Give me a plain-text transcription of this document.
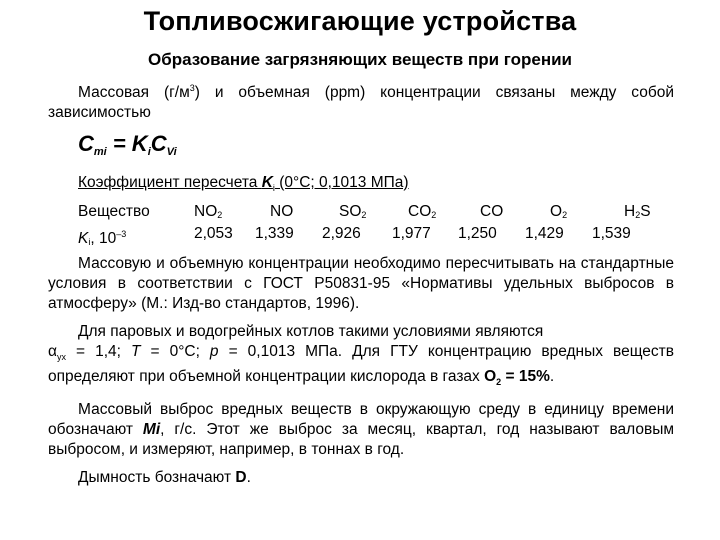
Топливосжигающие устройства
Образование загрязняющих веществ при горении

Массовая $(г/м^3)$ и объемная (ppm) концентрации связаны между собой зависимостью

$C_{mi} = K_iC_{Vi}$
Коэффициент пересчета $K_i$ (0°С; 0,1013 МПа)
Вещество	$NO_2$	NO	$SO_2$	$CO_2$	CO	$O_2$	$H_2S$
$K_i$, $10^{-3}$	2,053 1,339 2,926 1,977 1,250 1,429 1,539

Массовую и объемную концентрации необходимо пересчитывать на стандартные условия в соответствии с ГОСТ Р50831-95 «Нормативы удельных выбросов в атмосферу» (М.: Изд-во стандартов, 1996).

Для паровых и водогрейных котлов такими условиями являются
$\alpha_{ух} = 1,4$; T = 0°С; p = 0,1013 МПа. Для ГТУ концентрацию вредных веществ определяют при объемной концентрации кислорода в газах $O_2 = 15\%$.

Массовый выброс вредных веществ в окружающую среду в единицу времени обозначают Mi, г/с. Этот же выброс за месяц, квартал, год называют валовым выбросом, и измеряют, например, в тоннах в год.

Дымность бозначают D.
